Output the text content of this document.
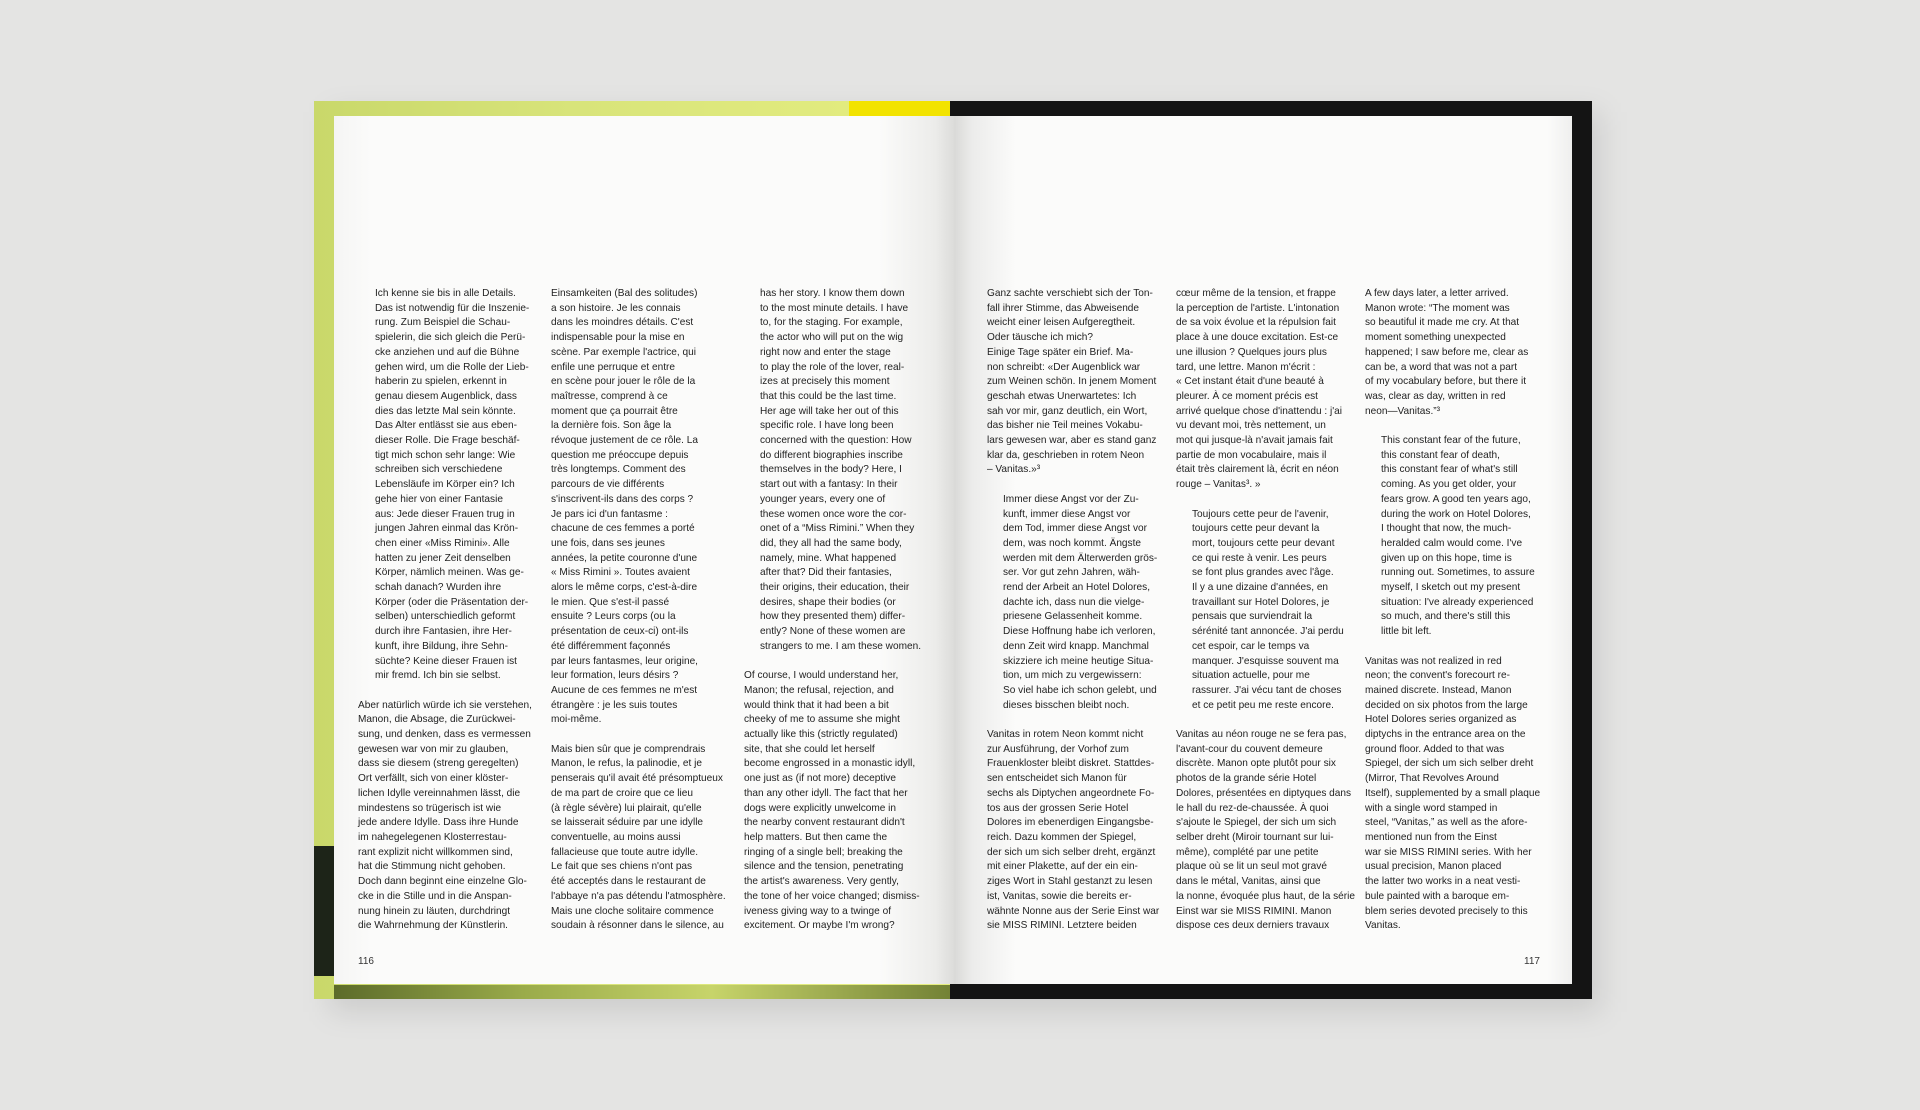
Ich kenne sie bis in alle Details.
Das ist notwendig für die Inszenie-
rung. Zum Beispiel die Schau-
spielerin, die sich gleich die Perü-
cke anziehen und auf die Bühne
gehen wird, um die Rolle der Lieb-
haberin zu spielen, erkennt in
genau diesem Augenblick, dass
dies das letzte Mal sein könnte.
Das Alter entlässt sie aus eben-
dieser Rolle. Die Frage beschäf-
tigt mich schon sehr lange: Wie
schreiben sich verschiedene
Lebensläufe im Körper ein? Ich
gehe hier von einer Fantasie
aus: Jede dieser Frauen trug in
jungen Jahren einmal das Krön-
chen einer «Miss Rimini». Alle
hatten zu jener Zeit denselben
Körper, nämlich meinen. Was ge-
schah danach? Wurden ihre
Körper (oder die Präsentation der-
selben) unterschiedlich geformt
durch ihre Fantasien, ihre Her-
kunft, ihre Bildung, ihre Sehn-
süchte? Keine dieser Frauen ist
mir fremd. Ich bin sie selbst.

Aber natürlich würde ich sie verstehen,
Manon, die Absage, die Zurückwei-
sung, und denken, dass es vermessen
gewesen war von mir zu glauben,
dass sie diesem (streng geregelten)
Ort verfällt, sich von einer klöster-
lichen Idylle vereinnahmen lässt, die
mindestens so trügerisch ist wie
jede andere Idylle. Dass ihre Hunde
im nahegelegenen Klosterrestau-
rant explizit nicht willkommen sind,
hat die Stimmung nicht gehoben.
Doch dann beginnt eine einzelne Glo-
cke in die Stille und in die Anspan-
nung hinein zu läuten, durchdringt
die Wahrnehmung der Künstlerin.

Einsamkeiten (Bal des solitudes)
a son histoire. Je les connais
dans les moindres détails. C'est
indispensable pour la mise en
scène. Par exemple l'actrice, qui
enfile une perruque et entre
en scène pour jouer le rôle de la
maîtresse, comprend à ce
moment que ça pourrait être
la dernière fois. Son âge la
révoque justement de ce rôle. La
question me préoccupe depuis
très longtemps. Comment des
parcours de vie différents
s'inscrivent-ils dans des corps ?
Je pars ici d'un fantasme :
chacune de ces femmes a porté
une fois, dans ses jeunes
années, la petite couronne d'une
« Miss Rimini ». Toutes avaient
alors le même corps, c'est-à-dire
le mien. Que s'est-il passé
ensuite ? Leurs corps (ou la
présentation de ceux-ci) ont-ils
été différemment façonnés
par leurs fantasmes, leur origine,
leur formation, leurs désirs ?
Aucune de ces femmes ne m'est
étrangère : je les suis toutes
moi-même.

Mais bien sûr que je comprendrais
Manon, le refus, la palinodie, et je
penserais qu'il avait été présomptueux
de ma part de croire que ce lieu
(à règle sévère) lui plairait, qu'elle
se laisserait séduire par une idylle
conventuelle, au moins aussi
fallacieuse que toute autre idylle.
Le fait que ses chiens n'ont pas
été acceptés dans le restaurant de
l'abbaye n'a pas détendu l'atmosphère.
Mais une cloche solitaire commence
soudain à résonner dans le silence, au

has her story. I know them down
to the most minute details. I have
to, for the staging. For example,
the actor who will put on the wig
right now and enter the stage
to play the role of the lover, real-
izes at precisely this moment
that this could be the last time.
Her age will take her out of this
specific role. I have long been
concerned with the question: How
do different biographies inscribe
themselves in the body? Here, I
start out with a fantasy: In their
younger years, every one of
these women once wore the cor-
onet of a “Miss Rimini.” When they
did, they all had the same body,
namely, mine. What happened
after that? Did their fantasies,
their origins, their education, their
desires, shape their bodies (or
how they presented them) differ-
ently? None of these women are
strangers to me. I am these women.

Of course, I would understand her,
Manon; the refusal, rejection, and
would think that it had been a bit
cheeky of me to assume she might
actually like this (strictly regulated)
site, that she could let herself
become engrossed in a monastic idyll,
one just as (if not more) deceptive
than any other idyll. The fact that her
dogs were explicitly unwelcome in
the nearby convent restaurant didn't
help matters. But then came the
ringing of a single bell; breaking the
silence and the tension, penetrating
the artist's awareness. Very gently,
the tone of her voice changed; dismiss-
iveness giving way to a twinge of
excitement. Or maybe I'm wrong?

116

Ganz sachte verschiebt sich der Ton-
fall ihrer Stimme, das Abweisende
weicht einer leisen Aufgeregtheit.
Oder täusche ich mich?
Einige Tage später ein Brief. Ma-
non schreibt: «Der Augenblick war
zum Weinen schön. In jenem Moment
geschah etwas Unerwartetes: Ich
sah vor mir, ganz deutlich, ein Wort,
das bisher nie Teil meines Vokabu-
lars gewesen war, aber es stand ganz
klar da, geschrieben in rotem Neon
– Vanitas.»³

Immer diese Angst vor der Zu-
kunft, immer diese Angst vor
dem Tod, immer diese Angst vor
dem, was noch kommt. Ängste
werden mit dem Älterwerden grös-
ser. Vor gut zehn Jahren, wäh-
rend der Arbeit an Hotel Dolores,
dachte ich, dass nun die vielge-
priesene Gelassenheit komme.
Diese Hoffnung habe ich verloren,
denn Zeit wird knapp. Manchmal
skizziere ich meine heutige Situa-
tion, um mich zu vergewissern:
So viel habe ich schon gelebt, und
dieses bisschen bleibt noch.

Vanitas in rotem Neon kommt nicht
zur Ausführung, der Vorhof zum
Frauenkloster bleibt diskret. Stattdes-
sen entscheidet sich Manon für
sechs als Diptychen angeordnete Fo-
tos aus der grossen Serie Hotel
Dolores im ebenerdigen Eingangsbe-
reich. Dazu kommen der Spiegel,
der sich um sich selber dreht, ergänzt
mit einer Plakette, auf der ein ein-
ziges Wort in Stahl gestanzt zu lesen
ist, Vanitas, sowie die bereits er-
wähnte Nonne aus der Serie Einst war
sie MISS RIMINI. Letztere beiden

cœur même de la tension, et frappe
la perception de l'artiste. L'intonation
de sa voix évolue et la répulsion fait
place à une douce excitation. Est-ce
une illusion ? Quelques jours plus
tard, une lettre. Manon m'écrit :
« Cet instant était d'une beauté à
pleurer. À ce moment précis est
arrivé quelque chose d'inattendu : j'ai
vu devant moi, très nettement, un
mot qui jusque-là n'avait jamais fait
partie de mon vocabulaire, mais il
était très clairement là, écrit en néon
rouge – Vanitas³. »

Toujours cette peur de l'avenir,
toujours cette peur devant la
mort, toujours cette peur devant
ce qui reste à venir. Les peurs
se font plus grandes avec l'âge.
Il y a une dizaine d'années, en
travaillant sur Hotel Dolores, je
pensais que surviendrait la
sérénité tant annoncée. J'ai perdu
cet espoir, car le temps va
manquer. J'esquisse souvent ma
situation actuelle, pour me
rassurer. J'ai vécu tant de choses
et ce petit peu me reste encore.

Vanitas au néon rouge ne se fera pas,
l'avant-cour du couvent demeure
discrète. Manon opte plutôt pour six
photos de la grande série Hotel
Dolores, présentées en diptyques dans
le hall du rez-de-chaussée. À quoi
s'ajoute le Spiegel, der sich um sich
selber dreht (Miroir tournant sur lui-
même), complété par une petite
plaque où se lit un seul mot gravé
dans le métal, Vanitas, ainsi que
la nonne, évoquée plus haut, de la série
Einst war sie MISS RIMINI. Manon
dispose ces deux derniers travaux

A few days later, a letter arrived.
Manon wrote: “The moment was
so beautiful it made me cry. At that
moment something unexpected
happened; I saw before me, clear as
can be, a word that was not a part
of my vocabulary before, but there it
was, clear as day, written in red
neon—Vanitas.”³

This constant fear of the future,
this constant fear of death,
this constant fear of what's still
coming. As you get older, your
fears grow. A good ten years ago,
during the work on Hotel Dolores,
I thought that now, the much-
heralded calm would come. I've
given up on this hope, time is
running out. Sometimes, to assure
myself, I sketch out my present
situation: I've already experienced
so much, and there's still this
little bit left.

Vanitas was not realized in red
neon; the convent's forecourt re-
mained discrete. Instead, Manon
decided on six photos from the large
Hotel Dolores series organized as
diptychs in the entrance area on the
ground floor. Added to that was
Spiegel, der sich um sich selber dreht
(Mirror, That Revolves Around
Itself), supplemented by a small plaque
with a single word stamped in
steel, “Vanitas,” as well as the afore-
mentioned nun from the Einst
war sie MISS RIMINI series. With her
usual precision, Manon placed
the latter two works in a neat vesti-
bule painted with a baroque em-
blem series devoted precisely to this
Vanitas.

117
